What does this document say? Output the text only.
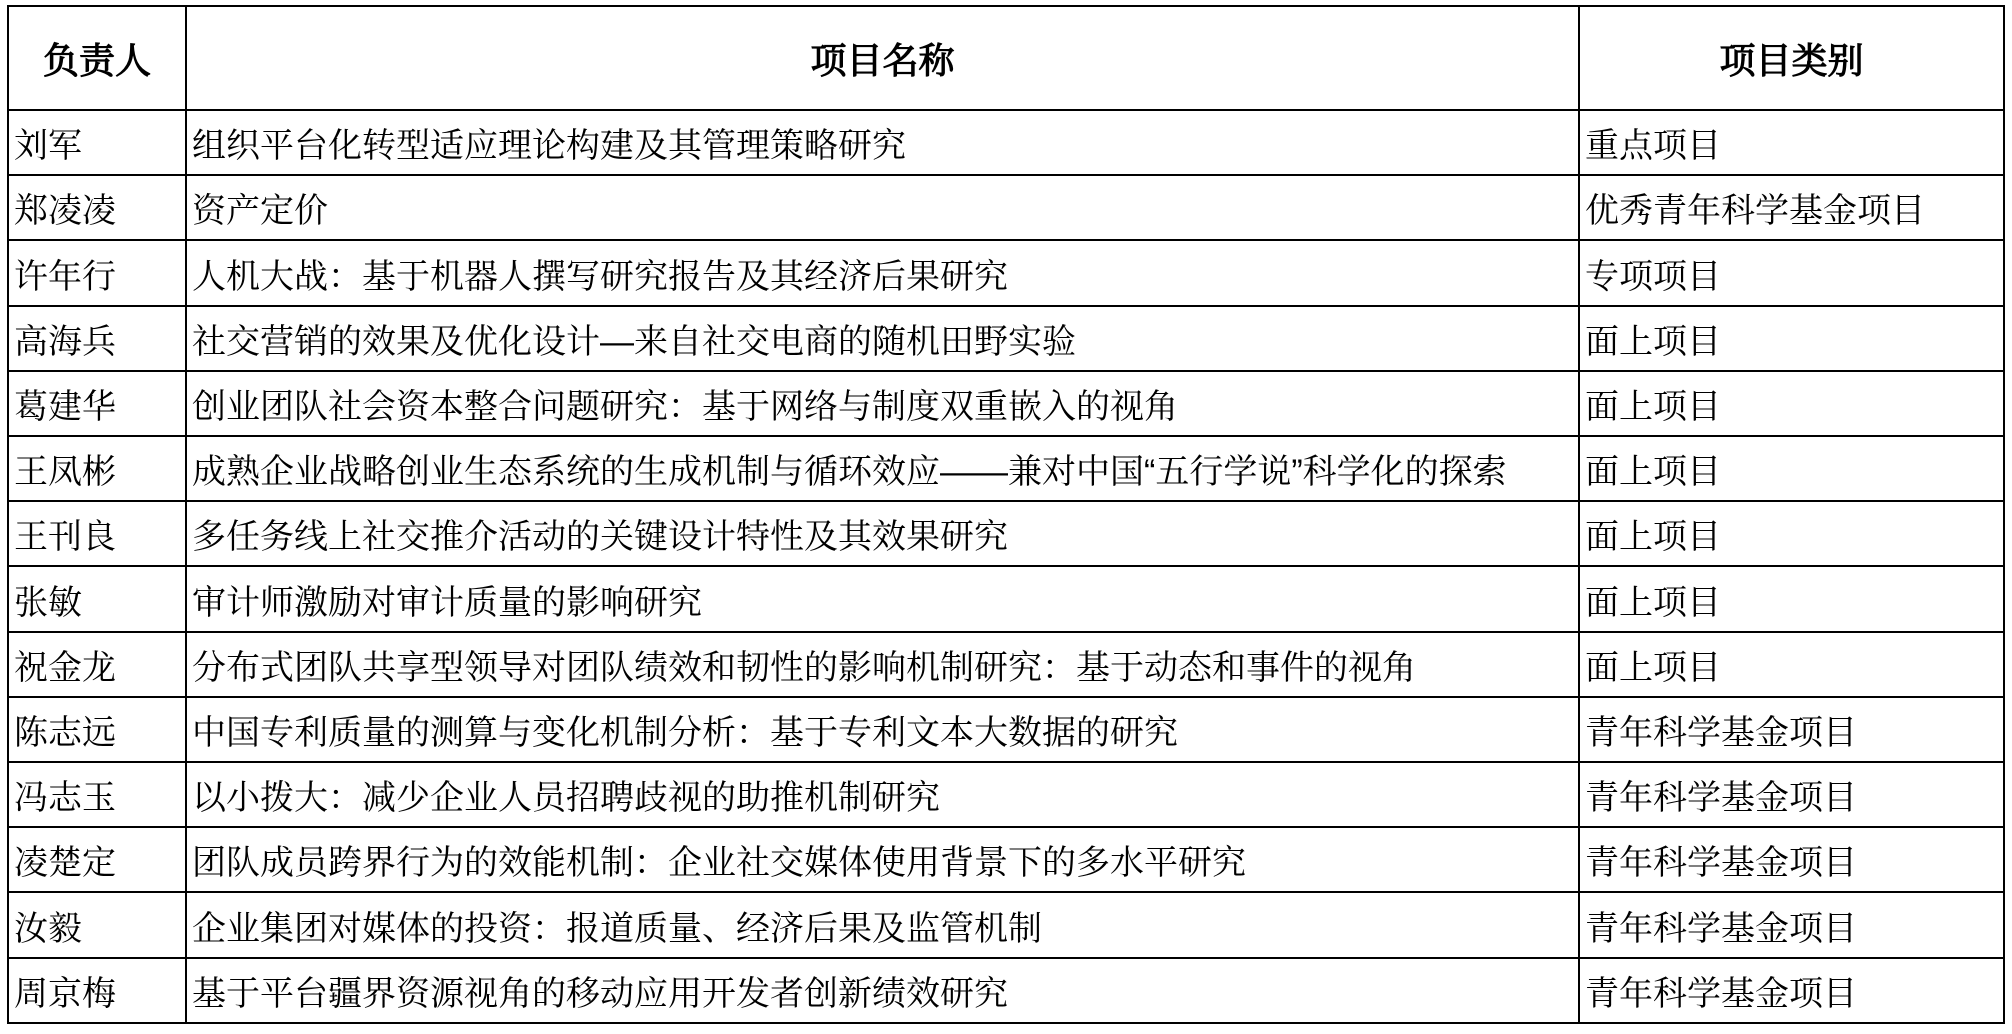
负责人	项目名称	项目类别
刘军	组织平台化转型适应理论构建及其管理策略研究	重点项目
郑凌凌	资产定价	优秀青年科学基金项目
许年行	人机大战：基于机器人撰写研究报告及其经济后果研究	专项项目
高海兵	社交营销的效果及优化设计—来自社交电商的随机田野实验	面上项目
葛建华	创业团队社会资本整合问题研究：基于网络与制度双重嵌入的视角	面上项目
王凤彬	成熟企业战略创业生态系统的生成机制与循环效应——兼对中国“五行学说”科学化的探索	面上项目
王刊良	多任务线上社交推介活动的关键设计特性及其效果研究	面上项目
张敏	审计师激励对审计质量的影响研究	面上项目
祝金龙	分布式团队共享型领导对团队绩效和韧性的影响机制研究：基于动态和事件的视角	面上项目
陈志远	中国专利质量的测算与变化机制分析：基于专利文本大数据的研究	青年科学基金项目
冯志玉	以小拨大：减少企业人员招聘歧视的助推机制研究	青年科学基金项目
凌楚定	团队成员跨界行为的效能机制：企业社交媒体使用背景下的多水平研究	青年科学基金项目
汝毅	企业集团对媒体的投资：报道质量、经济后果及监管机制	青年科学基金项目
周京梅	基于平台疆界资源视角的移动应用开发者创新绩效研究	青年科学基金项目
